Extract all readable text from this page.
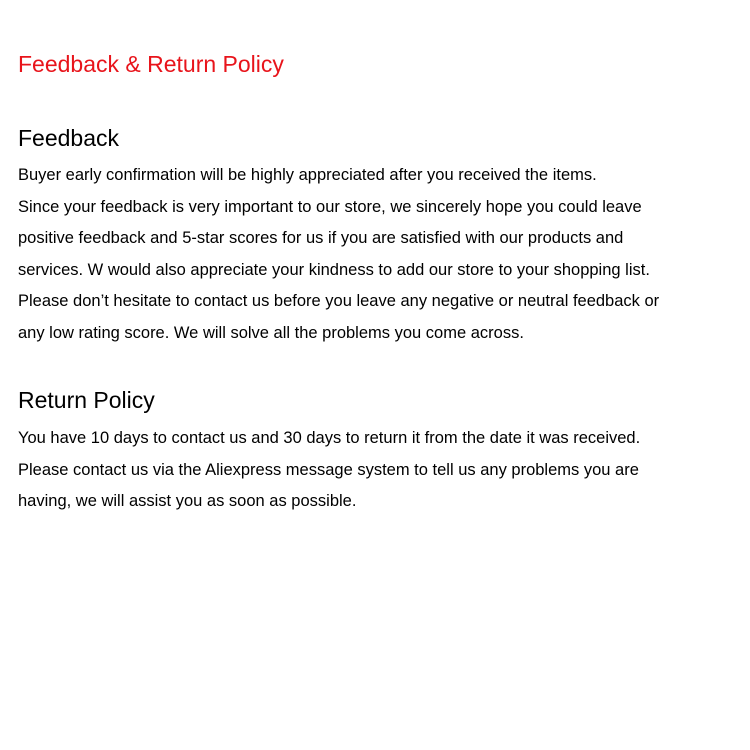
Feedback & Return Policy
Feedback

Buyer early confirmation will be highly appreciated after you received the items.

Since your feedback is very important to our store, we sincerely hope you could leave

positive feedback and 5-star scores for us if you are satisfied with our products and

services. W would also appreciate your kindness to add our store to your shopping list.

Please don’t hesitate to contact us before you leave any negative or neutral feedback or

any low rating score. We will solve all the problems you come across.

Return Policy

You have 10 days to contact us and 30 days to return it from the date it was received.

Please contact us via the Aliexpress message system to tell us any problems you are

having, we will assist you as soon as possible.
